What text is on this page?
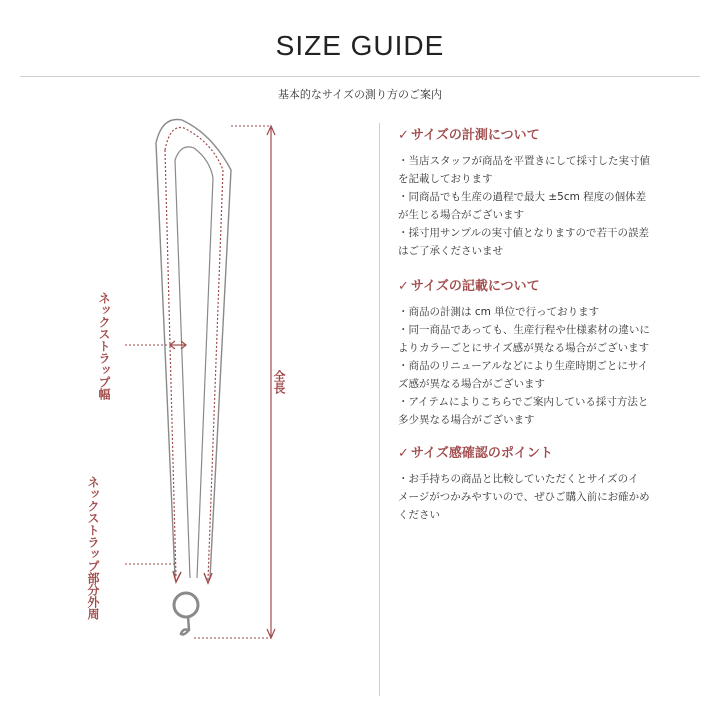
SIZE GUIDE
基本的なサイズの測り方のご案内
ネックストラップ幅	全長
ネックストラップ部分外周
✓ サイズの計測について
・当店スタッフが商品を平置きにして採寸した実寸値
を記載しております
・同商品でも生産の過程で最大 ±5cm 程度の個体差
が生じる場合がございます
・採寸用サンプルの実寸値となりますので若干の誤差
はご了承くださいませ
✓ サイズの記載について
・商品の計測は cm 単位で行っております
・同一商品であっても、生産行程や仕様素材の違いに
よりカラーごとにサイズ感が異なる場合がございます
・商品のリニューアルなどにより生産時期ごとにサイ
ズ感が異なる場合がございます
・アイテムによりこちらでご案内している採寸方法と
多少異なる場合がございます
✓ サイズ感確認のポイント
・お手持ちの商品と比較していただくとサイズのイ
メージがつかみやすいので、ぜひご購入前にお確かめ
ください
